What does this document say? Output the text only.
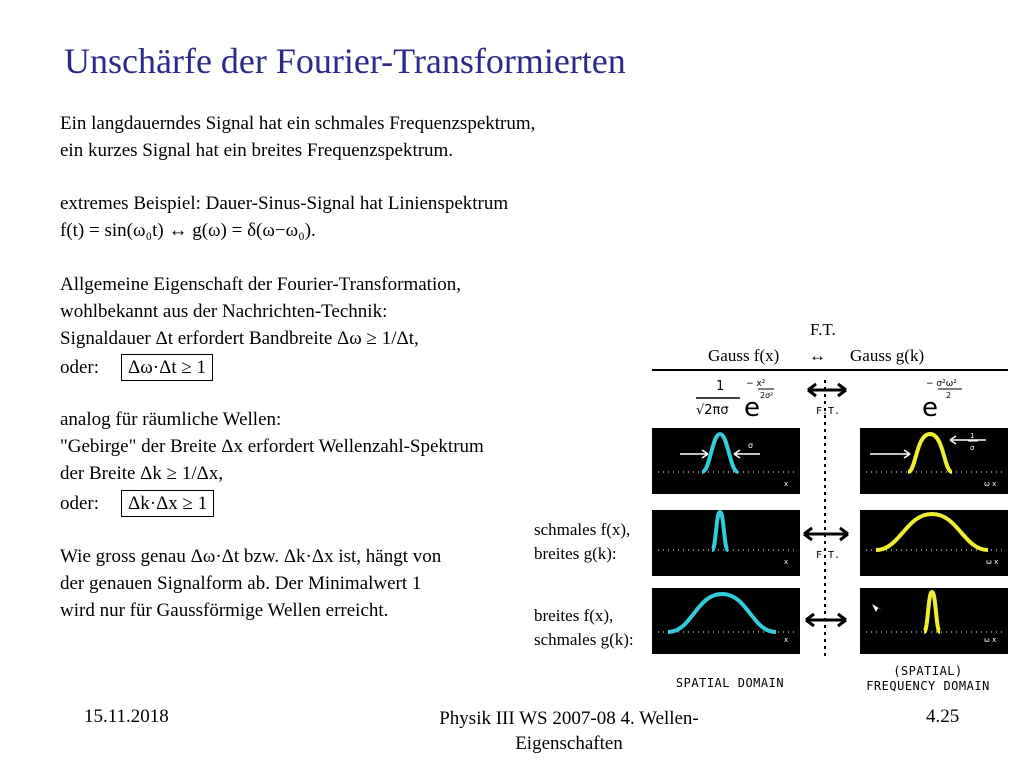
Unschärfe der Fourier-Transformierten
Ein langdauerndes Signal hat ein schmales Frequenzspektrum,
ein kurzes Signal hat ein breites Frequenzspektrum.
extremes Beispiel: Dauer-Sinus-Signal hat Linienspektrum
f(t) = sin(ω₀t) ↔ g(ω) = δ(ω−ω₀).
Allgemeine Eigenschaft der Fourier-Transformation,
wohlbekannt aus der Nachrichten-Technik:
Signaldauer Δt erfordert Bandbreite Δω ≥ 1/Δt,
oder: Δω·Δt ≥ 1
analog für räumliche Wellen:
"Gebirge" der Breite Δx erfordert Wellenzahl-Spektrum
der Breite Δk ≥ 1/Δx,
oder: Δk·Δx ≥ 1
Wie gross genau Δω·Δt bzw. Δk·Δx ist, hängt von
der genauen Signalform ab. Der Minimalwert 1
wird nur für Gaussförmige Wellen erreicht.
F.T.
Gauss f(x) ↔ Gauss g(k)
1
√2πσ e
− x²
2σ²	e
− σ²ω²
2
F.T.
F.T.
σ
x
1
σ
ω x
x	ω x
x	ω x
schmales f(x),
breites g(k):
breites f(x),
schmales g(k):
SPATIAL DOMAIN
(SPATIAL)
FREQUENCY DOMAIN
15.11.2018	Physik III WS 2007-08 4. Wellen-
Eigenschaften
4.25
